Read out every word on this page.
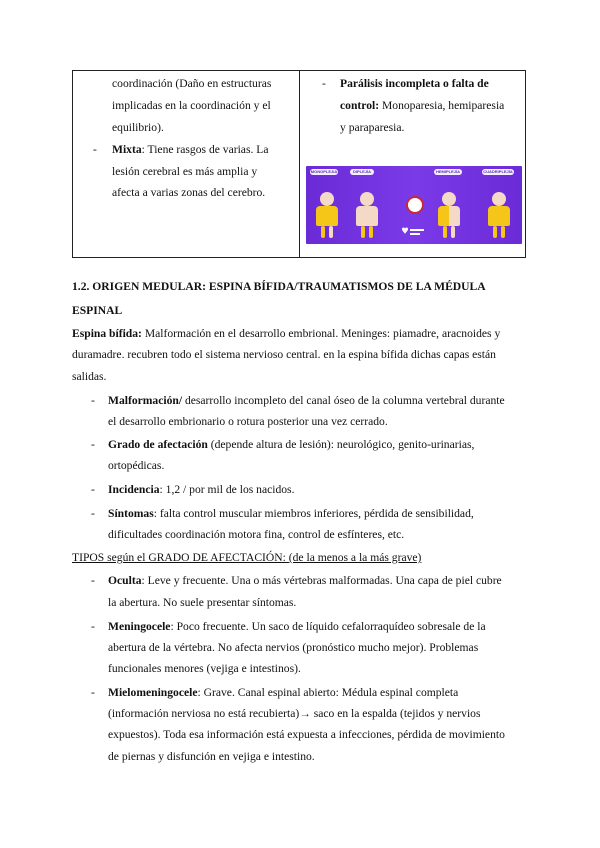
coordinación (Daño en estructuras
implicadas en la coordinación y el
equilibrio).
- Mixta: Tiene rasgos de varias. La
lesión cerebral es más amplia y
afecta a varias zonas del cerebro.
- Parálisis incompleta o falta de
control: Monoparesia, hemiparesia
y paraparesia.
MONOPLEJIA	DIPLEJÍA	HEMIPLEJÍA	CUADRIPLEJÍA
1.2. ORIGEN MEDULAR: ESPINA BÍFIDA/TRAUMATISMOS DE LA MÉDULA
ESPINAL
Espina bífida: Malformación en el desarrollo embrional. Meninges: piamadre, aracnoides y
duramadre. recubren todo el sistema nervioso central. en la espina bífida dichas capas están
salidas.
- Malformación/ desarrollo incompleto del canal óseo de la columna vertebral durante
el desarrollo embrionario o rotura posterior una vez cerrado.
- Grado de afectación (depende altura de lesión): neurológico, genito-urinarias,
ortopédicas.
- Incidencia: 1,2 / por mil de los nacidos.
- Síntomas: falta control muscular miembros inferiores, pérdida de sensibilidad,
dificultades coordinación motora fina, control de esfínteres, etc.
TIPOS según el GRADO DE AFECTACIÓN: (de la menos a la más grave)
- Oculta: Leve y frecuente. Una o más vértebras malformadas. Una capa de piel cubre
la abertura. No suele presentar síntomas.
- Meningocele: Poco frecuente. Un saco de líquido cefalorraquídeo sobresale de la
abertura de la vértebra. No afecta nervios (pronóstico mucho mejor). Problemas
funcionales menores (vejiga e intestinos).
- Mielomeningocele: Grave. Canal espinal abierto: Médula espinal completa
(información nerviosa no está recubierta)→ saco en la espalda (tejidos y nervios
expuestos). Toda esa información está expuesta a infecciones, pérdida de movimiento
de piernas y disfunción en vejiga e intestino.
